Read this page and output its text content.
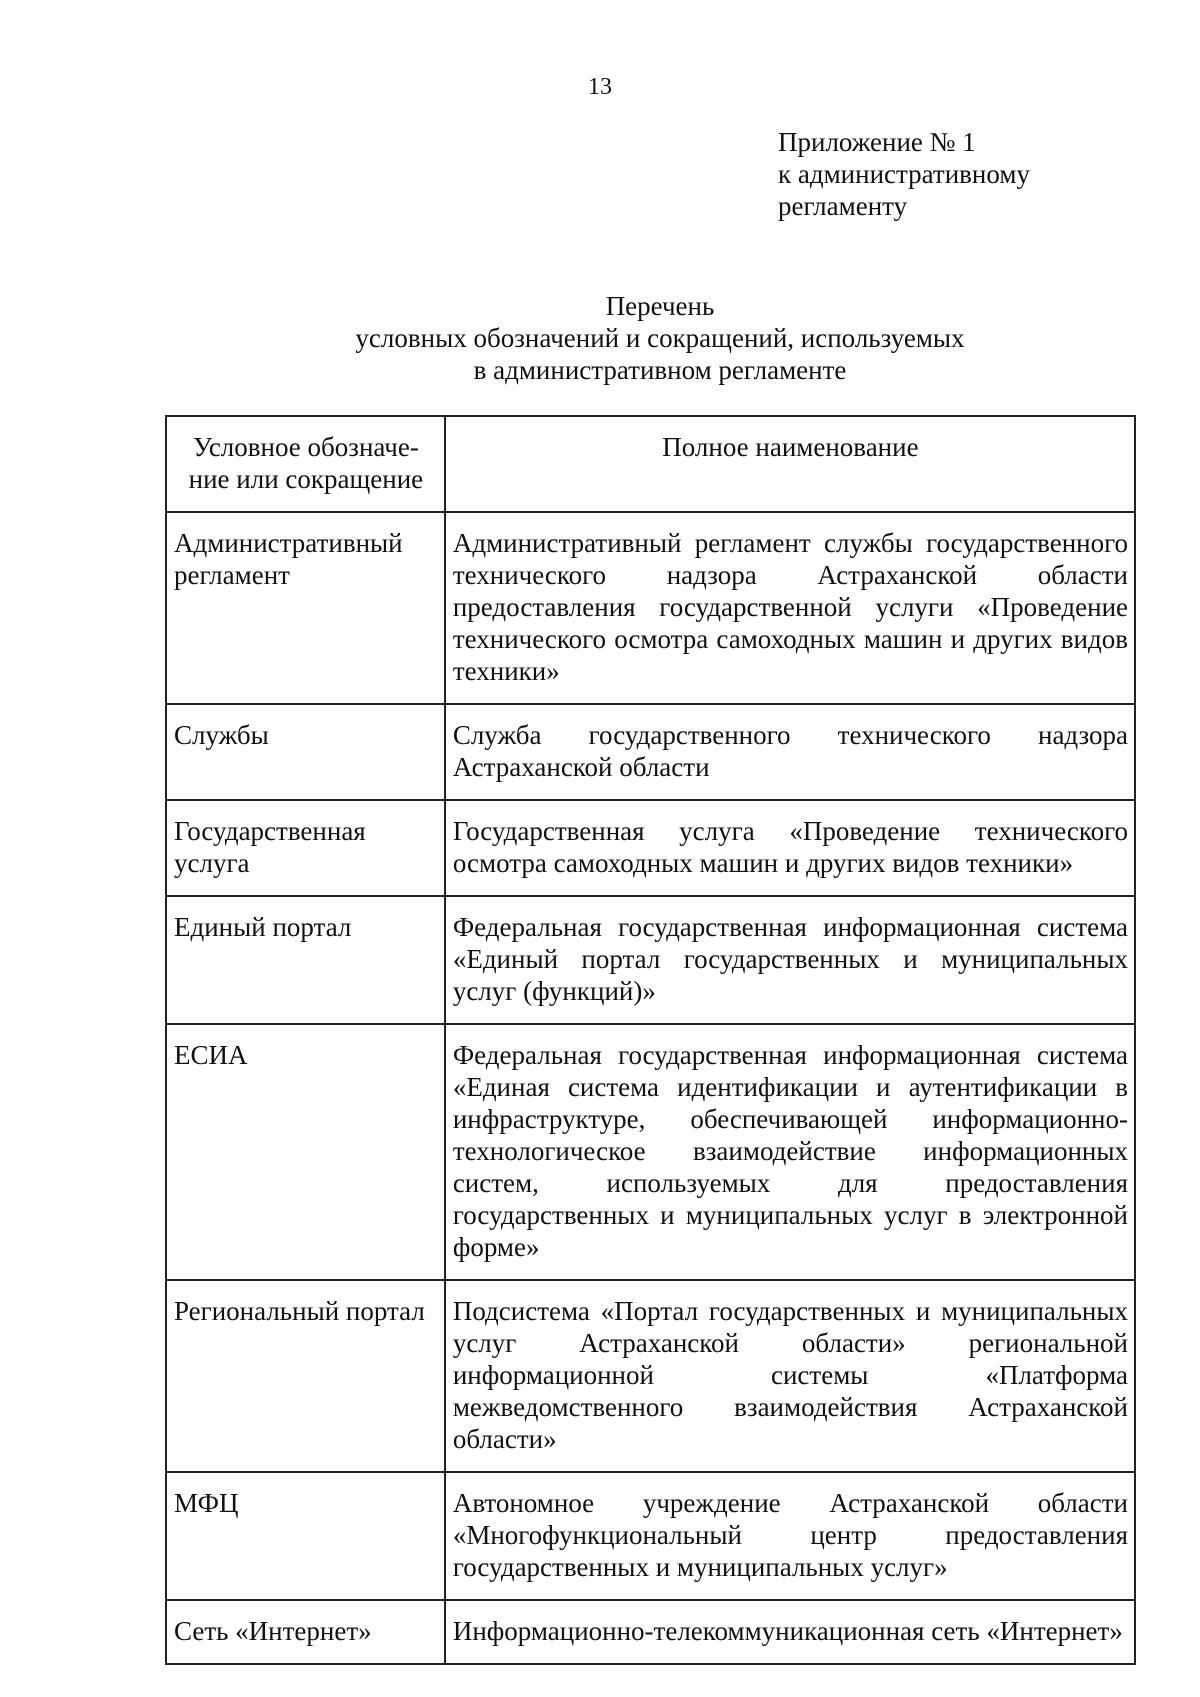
13
Приложение № 1
к административному
регламенту
Перечень
условных обозначений и сокращений, используемых
в административном регламенте
Условное обозначе-ние или сокращение	Полное наименование
Административный регламент	Административный регламент службы государственного технического надзора Астраханской области предоставления государственной услуги «Проведение технического осмотра самоходных машин и других видов техники»
Службы	Служба государственного технического надзора Астраханской области
Государственная услуга	Государственная услуга «Проведение технического осмотра самоходных машин и других видов техники»
Единый портал	Федеральная государственная информационная система «Единый портал государственных и муниципальных услуг (функций)»
ЕСИА	Федеральная государственная информационная система «Единая система идентификации и аутентификации в инфраструктуре, обеспечивающей информационно-технологическое взаимодействие информационных систем, используемых для предоставления государственных и муниципальных услуг в электронной форме»
Региональный портал	Подсистема «Портал государственных и муниципальных услуг Астраханской области» региональной информационной системы «Платформа межведомственного взаимодействия Астраханской области»
МФЦ	Автономное учреждение Астраханской области «Многофункциональный центр предоставления государственных и муниципальных услуг»
Сеть «Интернет»	Информационно-телекоммуникационная сеть «Интернет»
